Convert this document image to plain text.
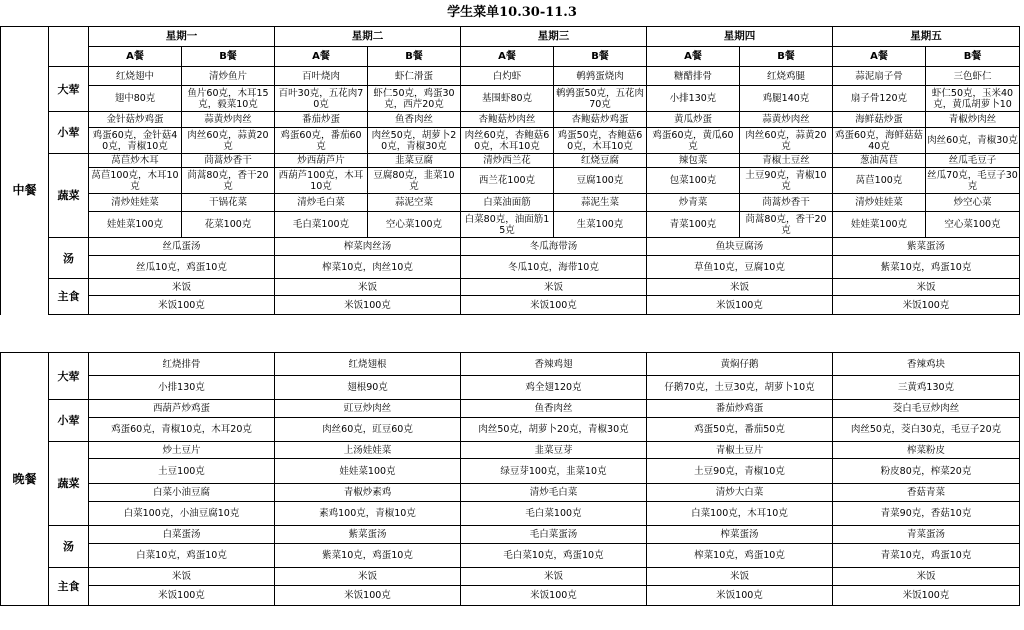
学生菜单10.30-11.3
		星期一		星期二		星期三		星期四		星期五	
		A餐	B餐	A餐	B餐	A餐	B餐	A餐	B餐	A餐	B餐
中餐	大荤	红烧翅中	清炒鱼片	百叶烧肉	虾仁滑蛋	白灼虾	鹌鹑蛋烧肉	糖醋排骨	红烧鸡腿	蒜泥扇子骨	三色虾仁
		翅中80克	鱼片60克，木耳15克，毅菜10克	百叶30克，五花肉70克	虾仁50克，鸡蛋30克，西芹20克	基围虾80克	鹌鹑蛋50克，五花肉70克	小排130克	鸡腿140克	扇子骨120克	虾仁50克，玉米40克，黄瓜胡萝卜10
	小荤	金针菇炒鸡蛋	蒜黄炒肉丝	番茄炒蛋	鱼香肉丝	杏鲍菇炒肉丝	杏鲍菇炒鸡蛋	黄瓜炒蛋	蒜黄炒肉丝	海鲜菇炒蛋	青椒炒肉丝
		鸡蛋60克，金针菇40克，青椒10克	肉丝60克，蒜黄20克	鸡蛋60克，番茄60克	肉丝50克，胡萝卜20克，青椒30克	肉丝60克，杏鲍菇60克，木耳10克	鸡蛋50克，杏鲍菇60克，木耳10克	鸡蛋60克，黄瓜60克	肉丝60克，蒜黄20克	鸡蛋60克，海鲜菇菇40克	肉丝60克，青椒30克
	蔬菜	莴苣炒木耳	茼蒿炒香干	炒西葫芦片	韭菜豆腐	清炒西兰花	红烧豆腐	辣包菜	青椒土豆丝	葱油莴苣	丝瓜毛豆子
		莴苣100克，木耳10克	茼蒿80克，香干20克	西葫芦100克，木耳10克	豆腐80克，韭菜10克	西兰花100克	豆腐100克	包菜100克	土豆90克，青椒10克	莴苣100克	丝瓜70克，毛豆子30克
		清炒娃娃菜	干锅花菜	清炒毛白菜	蒜泥空菜	白菜油面筋	蒜泥生菜	炒青菜	茼蒿炒香干	清炒娃娃菜	炒空心菜
		娃娃菜100克	花菜100克	毛白菜100克	空心菜100克	白菜80克，油面筋15克	生菜100克	青菜100克	茼蒿80克，香干20克	娃娃菜100克	空心菜100克
	汤	丝瓜蛋汤		榨菜肉丝汤		冬瓜海带汤		鱼块豆腐汤		紫菜蛋汤	
		丝瓜10克，鸡蛋10克		榨菜10克，肉丝10克		冬瓜10克，海带10克		草鱼10克，豆腐10克		紫菜10克，鸡蛋10克	
	主食	米饭		米饭		米饭		米饭		米饭	
		米饭100克		米饭100克		米饭100克		米饭100克		米饭100克	
晚餐	大荤	红烧排骨	红烧翅根	香辣鸡翅	黄焖仔鹅	香辣鸡块
		小排130克	翅根90克	鸡全翅120克	仔鹅70克，土豆30克，胡萝卜10克	三黄鸡130克
	小荤	西葫芦炒鸡蛋	豇豆炒肉丝	鱼香肉丝	番茄炒鸡蛋	茭白毛豆炒肉丝
		鸡蛋60克，青椒10克，木耳20克	肉丝60克，豇豆60克	肉丝50克，胡萝卜20克，青椒30克	鸡蛋50克，番茄50克	肉丝50克，茭白30克，毛豆子20克
	蔬菜	炒土豆片	上汤娃娃菜	韭菜豆芽	青椒土豆片	榨菜粉皮
		土豆100克	娃娃菜100克	绿豆芽100克，韭菜10克	土豆90克，青椒10克	粉皮80克，榨菜20克
		白菜小油豆腐	青椒炒素鸡	清炒毛白菜	清炒大白菜	香菇青菜
		白菜100克，小油豆腐10克	素鸡100克，青椒10克	毛白菜100克	白菜100克，木耳10克	青菜90克，香菇10克
	汤	白菜蛋汤	紫菜蛋汤	毛白菜蛋汤	榨菜蛋汤	青菜蛋汤
		白菜10克，鸡蛋10克	紫菜10克，鸡蛋10克	毛白菜10克，鸡蛋10克	榨菜10克，鸡蛋10克	青菜10克，鸡蛋10克
	主食	米饭	米饭	米饭	米饭	米饭
		米饭100克	米饭100克	米饭100克	米饭100克	米饭100克
